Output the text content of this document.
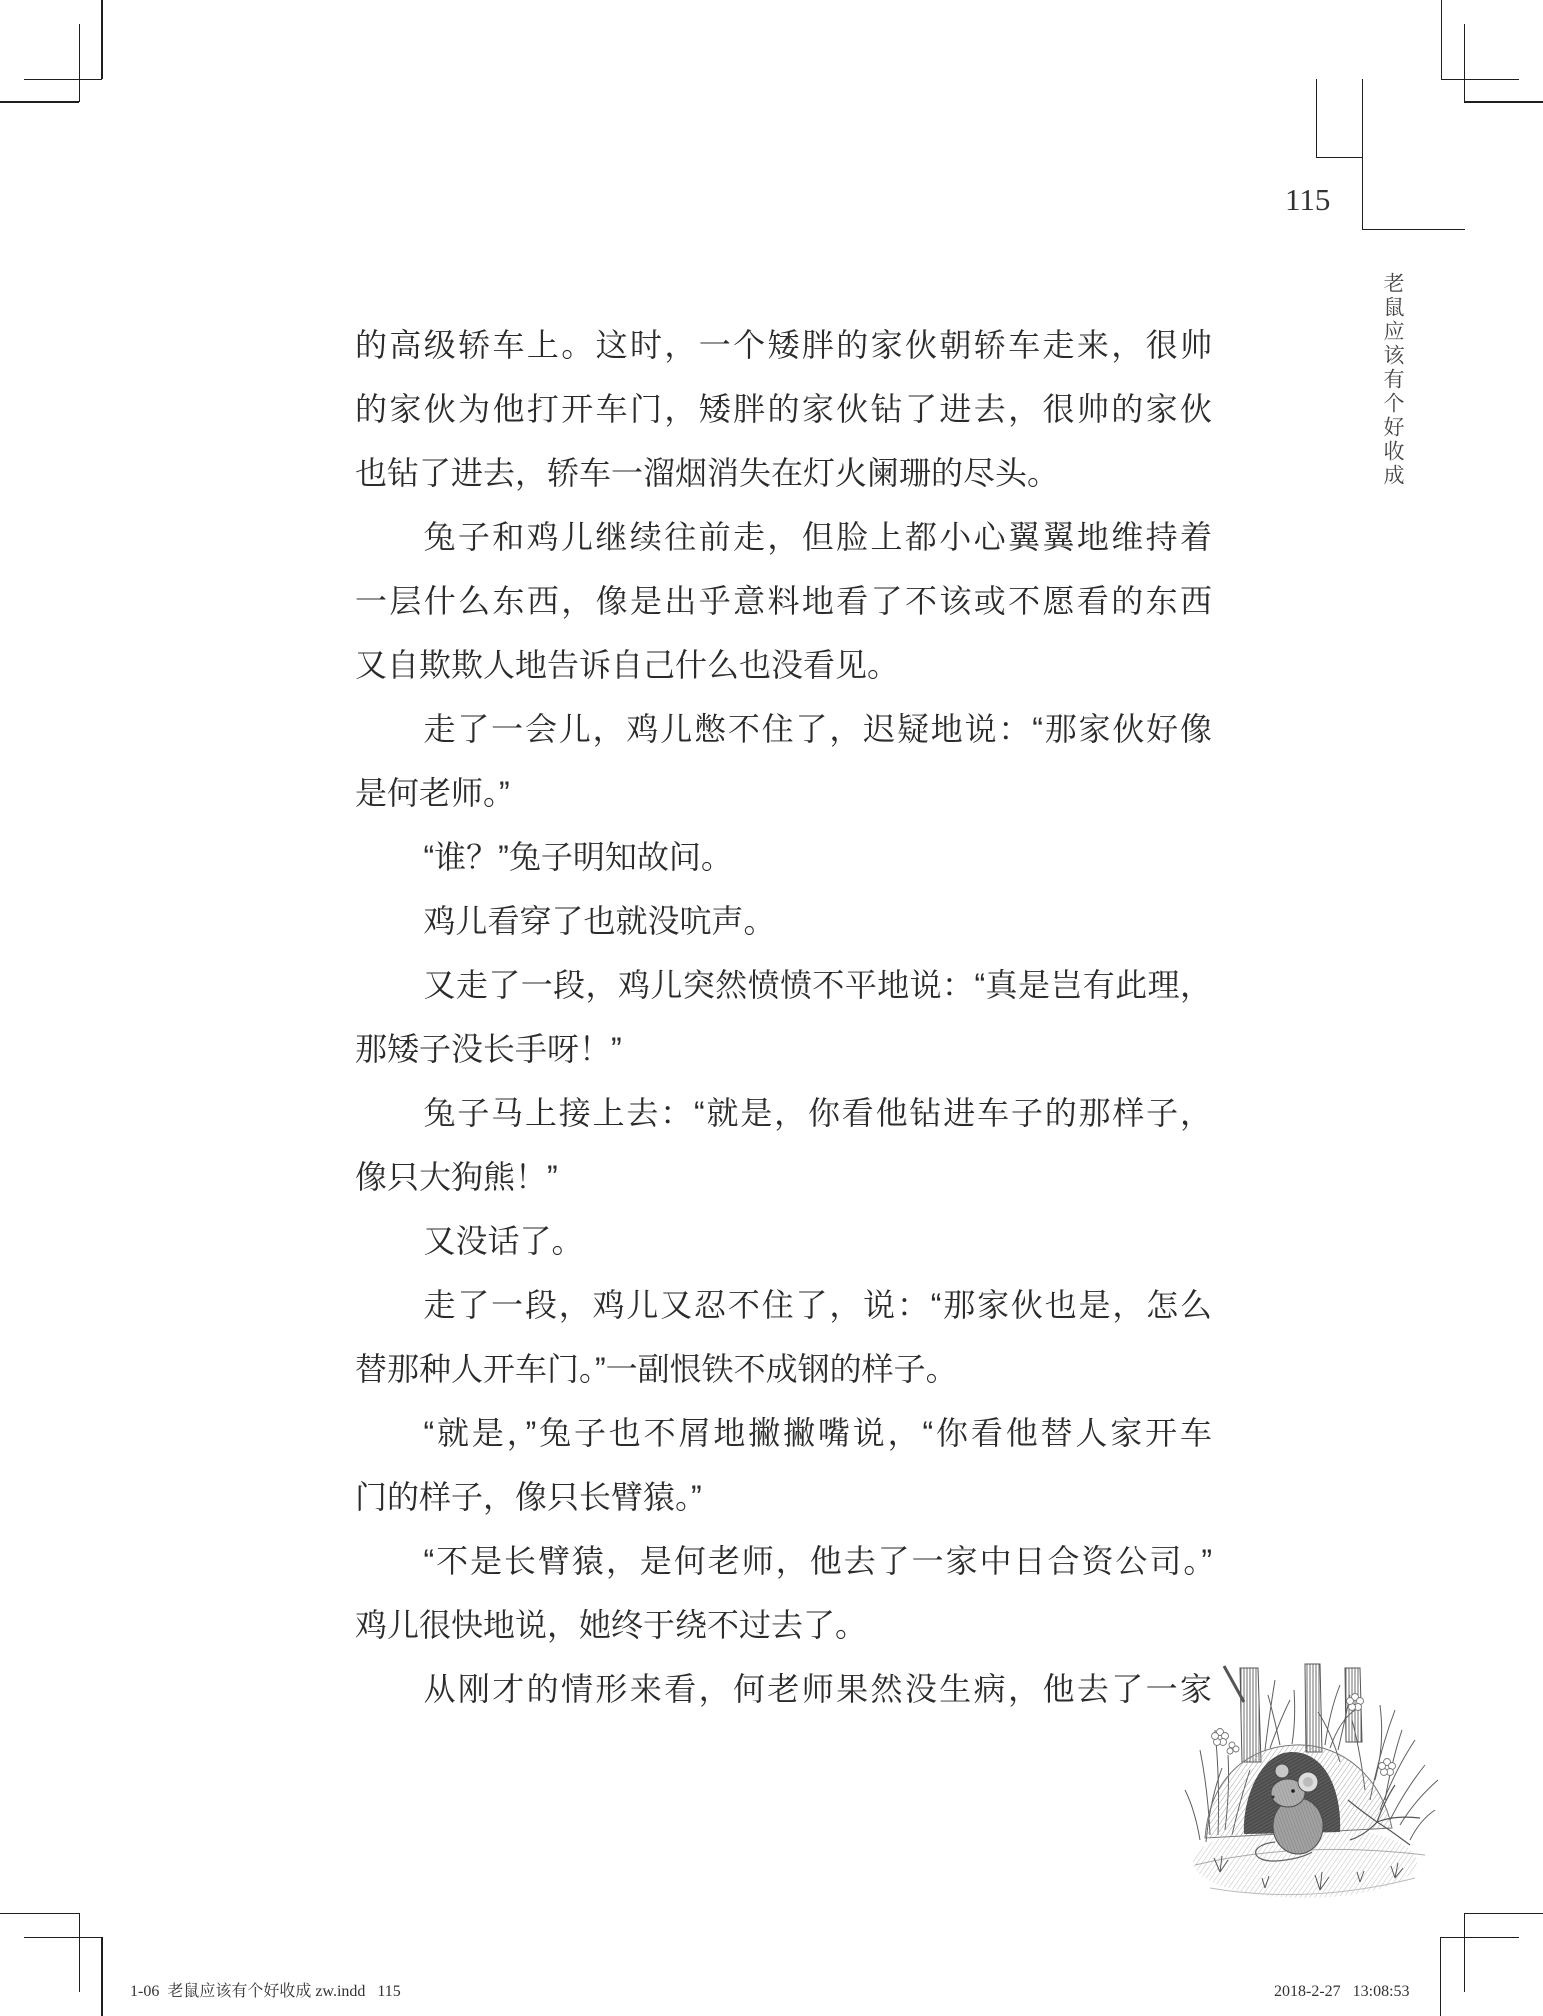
115
老鼠应该有个好收成
的高级轿车上。这时，一个矮胖的家伙朝轿车走来，很帅
的家伙为他打开车门，矮胖的家伙钻了进去，很帅的家伙
也钻了进去，轿车一溜烟消失在灯火阑珊的尽头。
兔子和鸡儿继续往前走，但脸上都小心翼翼地维持着
一层什么东西，像是出乎意料地看了不该或不愿看的东西
又自欺欺人地告诉自己什么也没看见。
走了一会儿，鸡儿憋不住了，迟疑地说：“那家伙好像
是何老师。”
“谁？”兔子明知故问。
鸡儿看穿了也就没吭声。
又走了一段，鸡儿突然愤愤不平地说：“真是岂有此理，
那矮子没长手呀！”
兔子马上接上去：“就是，你看他钻进车子的那样子，
像只大狗熊！”
又没话了。
走了一段，鸡儿又忍不住了，说：“那家伙也是，怎么
替那种人开车门。”一副恨铁不成钢的样子。
“就是，”兔子也不屑地撇撇嘴说，“你看他替人家开车
门的样子，像只长臂猿。”
“不是长臂猿，是何老师，他去了一家中日合资公司。”
鸡儿很快地说，她终于绕不过去了。
从刚才的情形来看，何老师果然没生病，他去了一家
1-06  老鼠应该有个好收成 zw.indd   115	2018-2-27   13:08:53
